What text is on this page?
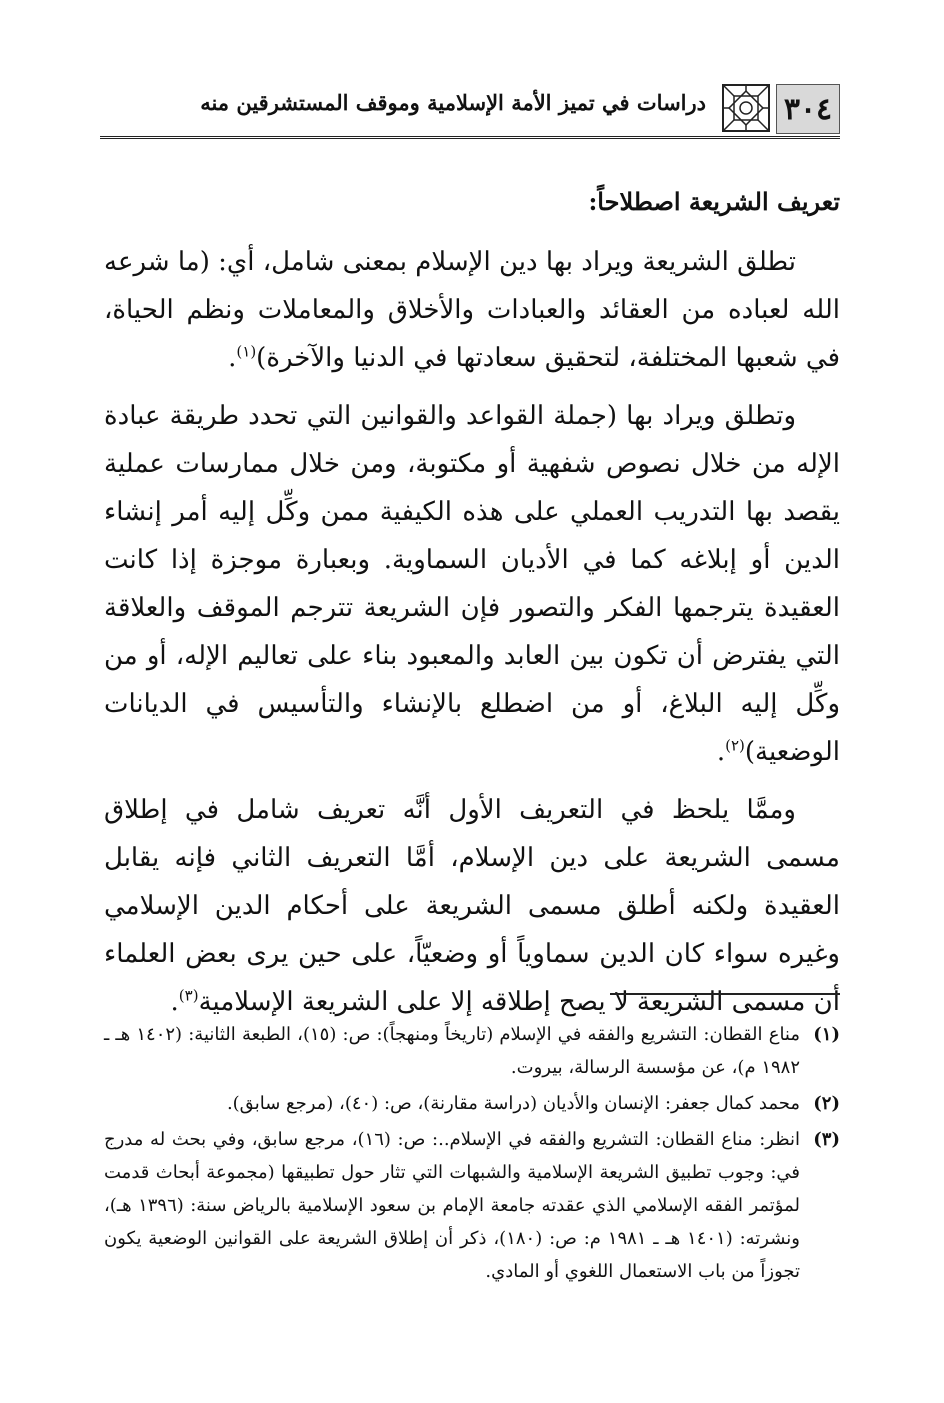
٣٠٤
دراسات في تميز الأمة الإسلامية وموقف المستشرقين منه
تعريف الشريعة اصطلاحاً:

تطلق الشريعة ويراد بها دين الإسلام بمعنى شامل، أي: (ما شرعه الله لعباده من العقائد والعبادات والأخلاق والمعاملات ونظم الحياة، في شعبها المختلفة، لتحقيق سعادتها في الدنيا والآخرة)$^{(١)}$.

وتطلق ويراد بها (جملة القواعد والقوانين التي تحدد طريقة عبادة الإله من خلال نصوص شفهية أو مكتوبة، ومن خلال ممارسات عملية يقصد بها التدريب العملي على هذه الكيفية ممن وكِّل إليه أمر إنشاء الدين أو إبلاغه كما في الأديان السماوية. وبعبارة موجزة إذا كانت العقيدة يترجمها الفكر والتصور فإن الشريعة تترجم الموقف والعلاقة التي يفترض أن تكون بين العابد والمعبود بناء على تعاليم الإله، أو من وكِّل إليه البلاغ، أو من اضطلع بالإنشاء والتأسيس في الديانات الوضعية)$^{(٢)}$.

وممَّا يلحظ في التعريف الأول أنَّه تعريف شامل في إطلاق مسمى الشريعة على دين الإسلام، أمَّا التعريف الثاني فإنه يقابل العقيدة ولكنه أطلق مسمى الشريعة على أحكام الدين الإسلامي وغيره سواء كان الدين سماوياً أو وضعيّاً، على حين يرى بعض العلماء أن مسمى الشريعة لا يصح إطلاقه إلا على الشريعة الإسلامية$^{(٣)}$.

(١)
مناع القطان: التشريع والفقه في الإسلام (تاريخاً ومنهجاً): ص: (١٥)، الطبعة الثانية: (١٤٠٢ هـ ـ ١٩٨٢ م)، عن مؤسسة الرسالة، بيروت.
(٢)
محمد كمال جعفر: الإنسان والأديان (دراسة مقارنة)، ص: (٤٠)، (مرجع سابق).
(٣)
انظر: مناع القطان: التشريع والفقه في الإسلام..: ص: (١٦)، مرجع سابق، وفي بحث له مدرج في: وجوب تطبيق الشريعة الإسلامية والشبهات التي تثار حول تطبيقها (مجموعة أبحاث قدمت لمؤتمر الفقه الإسلامي الذي عقدته جامعة الإمام بن سعود الإسلامية بالرياض سنة: (١٣٩٦ هـ)، ونشرته: (١٤٠١ هـ ـ ١٩٨١ م: ص: (١٨٠)، ذكر أن إطلاق الشريعة على القوانين الوضعية يكون تجوزاً من باب الاستعمال اللغوي أو المادي.
